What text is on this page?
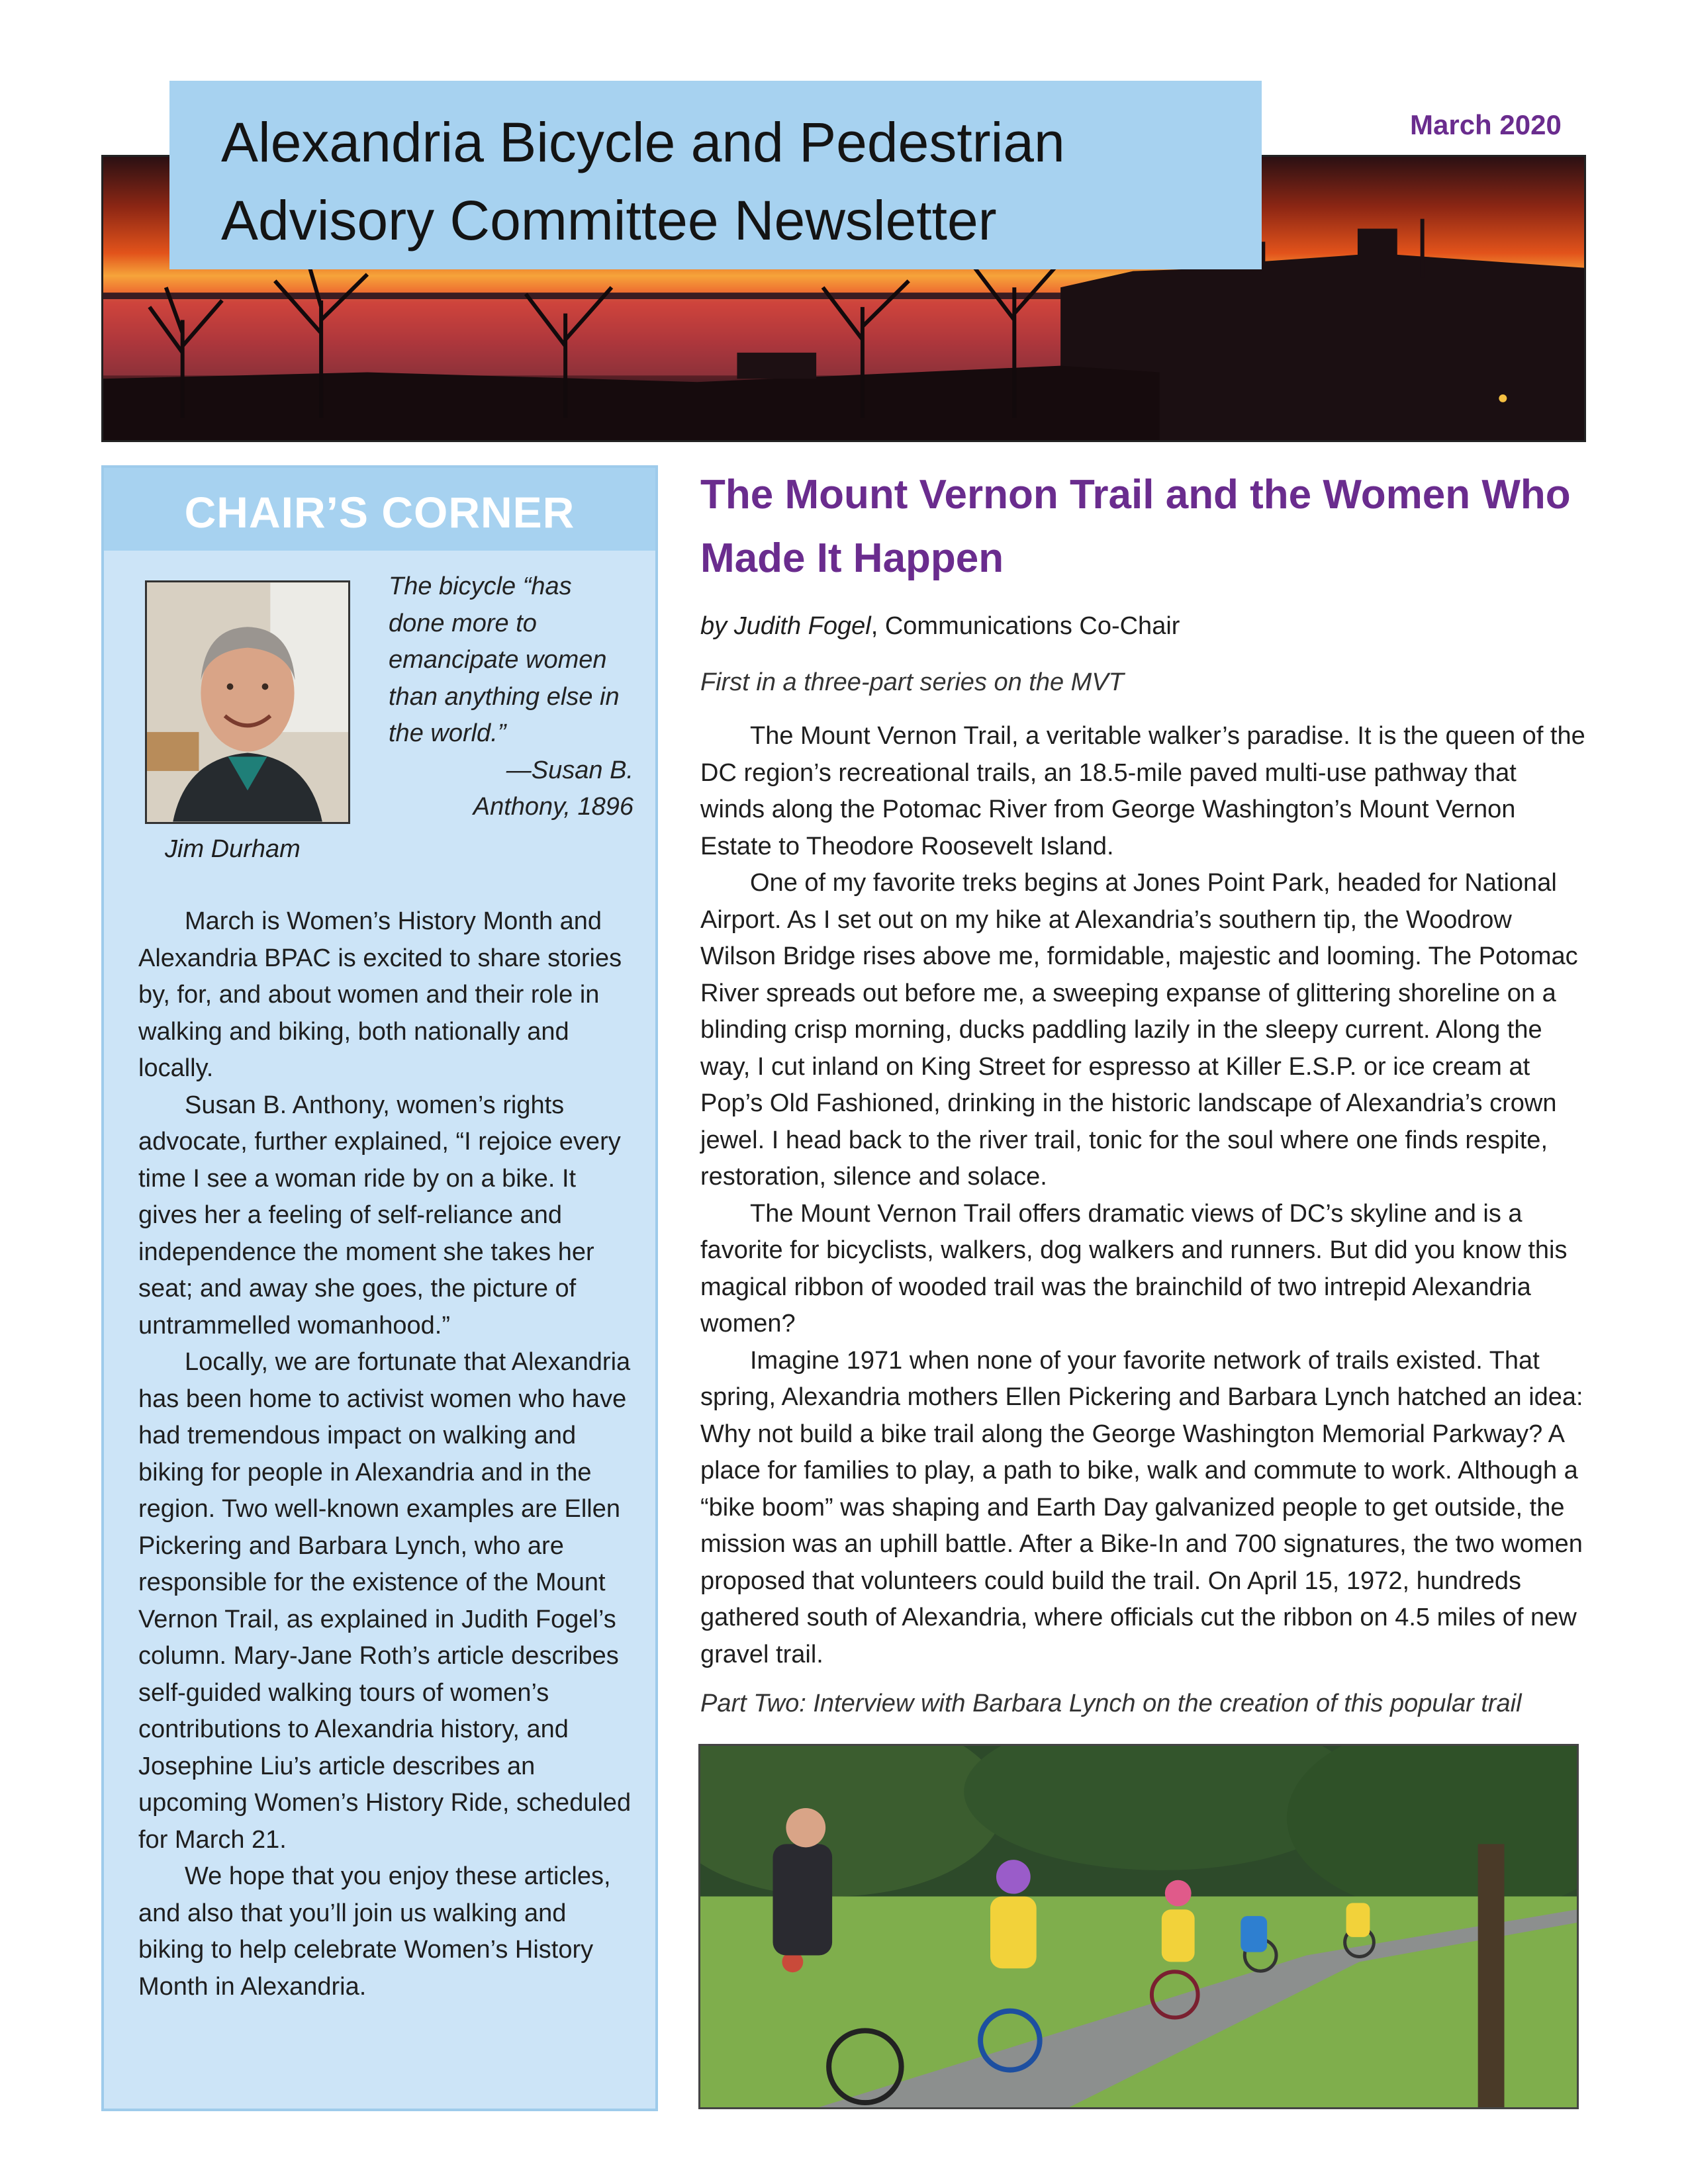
Alexandria Bicycle and Pedestrian
Advisory Committee Newsletter
March 2020
CHAIR’S CORNER
Jim Durham
The bicycle “has done more to emancipate women than anything else in the world.”
—Susan B.
Anthony, 1896

March is Women’s History Month and Alexandria BPAC is excited to share stories by, for, and about women and their role in walking and biking, both nationally and locally.

Susan B. Anthony, women’s rights advocate, further explained, “I rejoice every time I see a woman ride by on a bike. It gives her a feeling of self-reliance and independence the moment she takes her seat; and away she goes, the picture of untrammelled womanhood.”

Locally, we are fortunate that Alexandria has been home to activist women who have had tremendous impact on walking and biking for people in Alexandria and in the region. Two well-known examples are Ellen Pickering and Barbara Lynch, who are responsible for the existence of the Mount Vernon Trail, as explained in Judith Fogel’s column. Mary-Jane Roth’s article describes self-guided walking tours of women’s contributions to Alexandria history, and Josephine Liu’s article describes an upcoming Women’s History Ride, scheduled for March 21.

We hope that you enjoy these articles, and also that you’ll join us walking and biking to help celebrate Women’s History Month in Alexandria.

The Mount Vernon Trail and the Women Who Made It Happen
by Judith Fogel, Communications Co-Chair
First in a three-part series on the MVT

The Mount Vernon Trail, a veritable walker’s paradise. It is the queen of the DC region’s recreational trails, an 18.5-mile paved multi-use pathway that winds along the Potomac River from George Washington’s Mount Vernon Estate to Theodore Roosevelt Island.

One of my favorite treks begins at Jones Point Park, headed for National Airport. As I set out on my hike at Alexandria’s southern tip, the Woodrow Wilson Bridge rises above me, formidable, majestic and looming. The Potomac River spreads out before me, a sweeping expanse of glittering shoreline on a blinding crisp morning, ducks paddling lazily in the sleepy current. Along the way, I cut inland on King Street for espresso at Killer E.S.P. or ice cream at Pop’s Old Fashioned, drinking in the historic landscape of Alexandria’s crown jewel. I head back to the river trail, tonic for the soul where one finds respite, restoration, silence and solace.

The Mount Vernon Trail offers dramatic views of DC’s skyline and is a favorite for bicyclists, walkers, dog walkers and runners. But did you know this magical ribbon of wooded trail was the brainchild of two intrepid Alexandria women?

Imagine 1971 when none of your favorite network of trails existed. That spring, Alexandria mothers Ellen Pickering and Barbara Lynch hatched an idea: Why not build a bike trail along the George Washington Memorial Parkway? A place for families to play, a path to bike, walk and commute to work. Although a “bike boom” was shaping and Earth Day galvanized people to get outside, the mission was an uphill battle. After a Bike-In and 700 signatures, the two women proposed that volunteers could build the trail. On April 15, 1972, hundreds gathered south of Alexandria, where officials cut the ribbon on 4.5 miles of new gravel trail.

Part Two: Interview with Barbara Lynch on the creation of this popular trail
